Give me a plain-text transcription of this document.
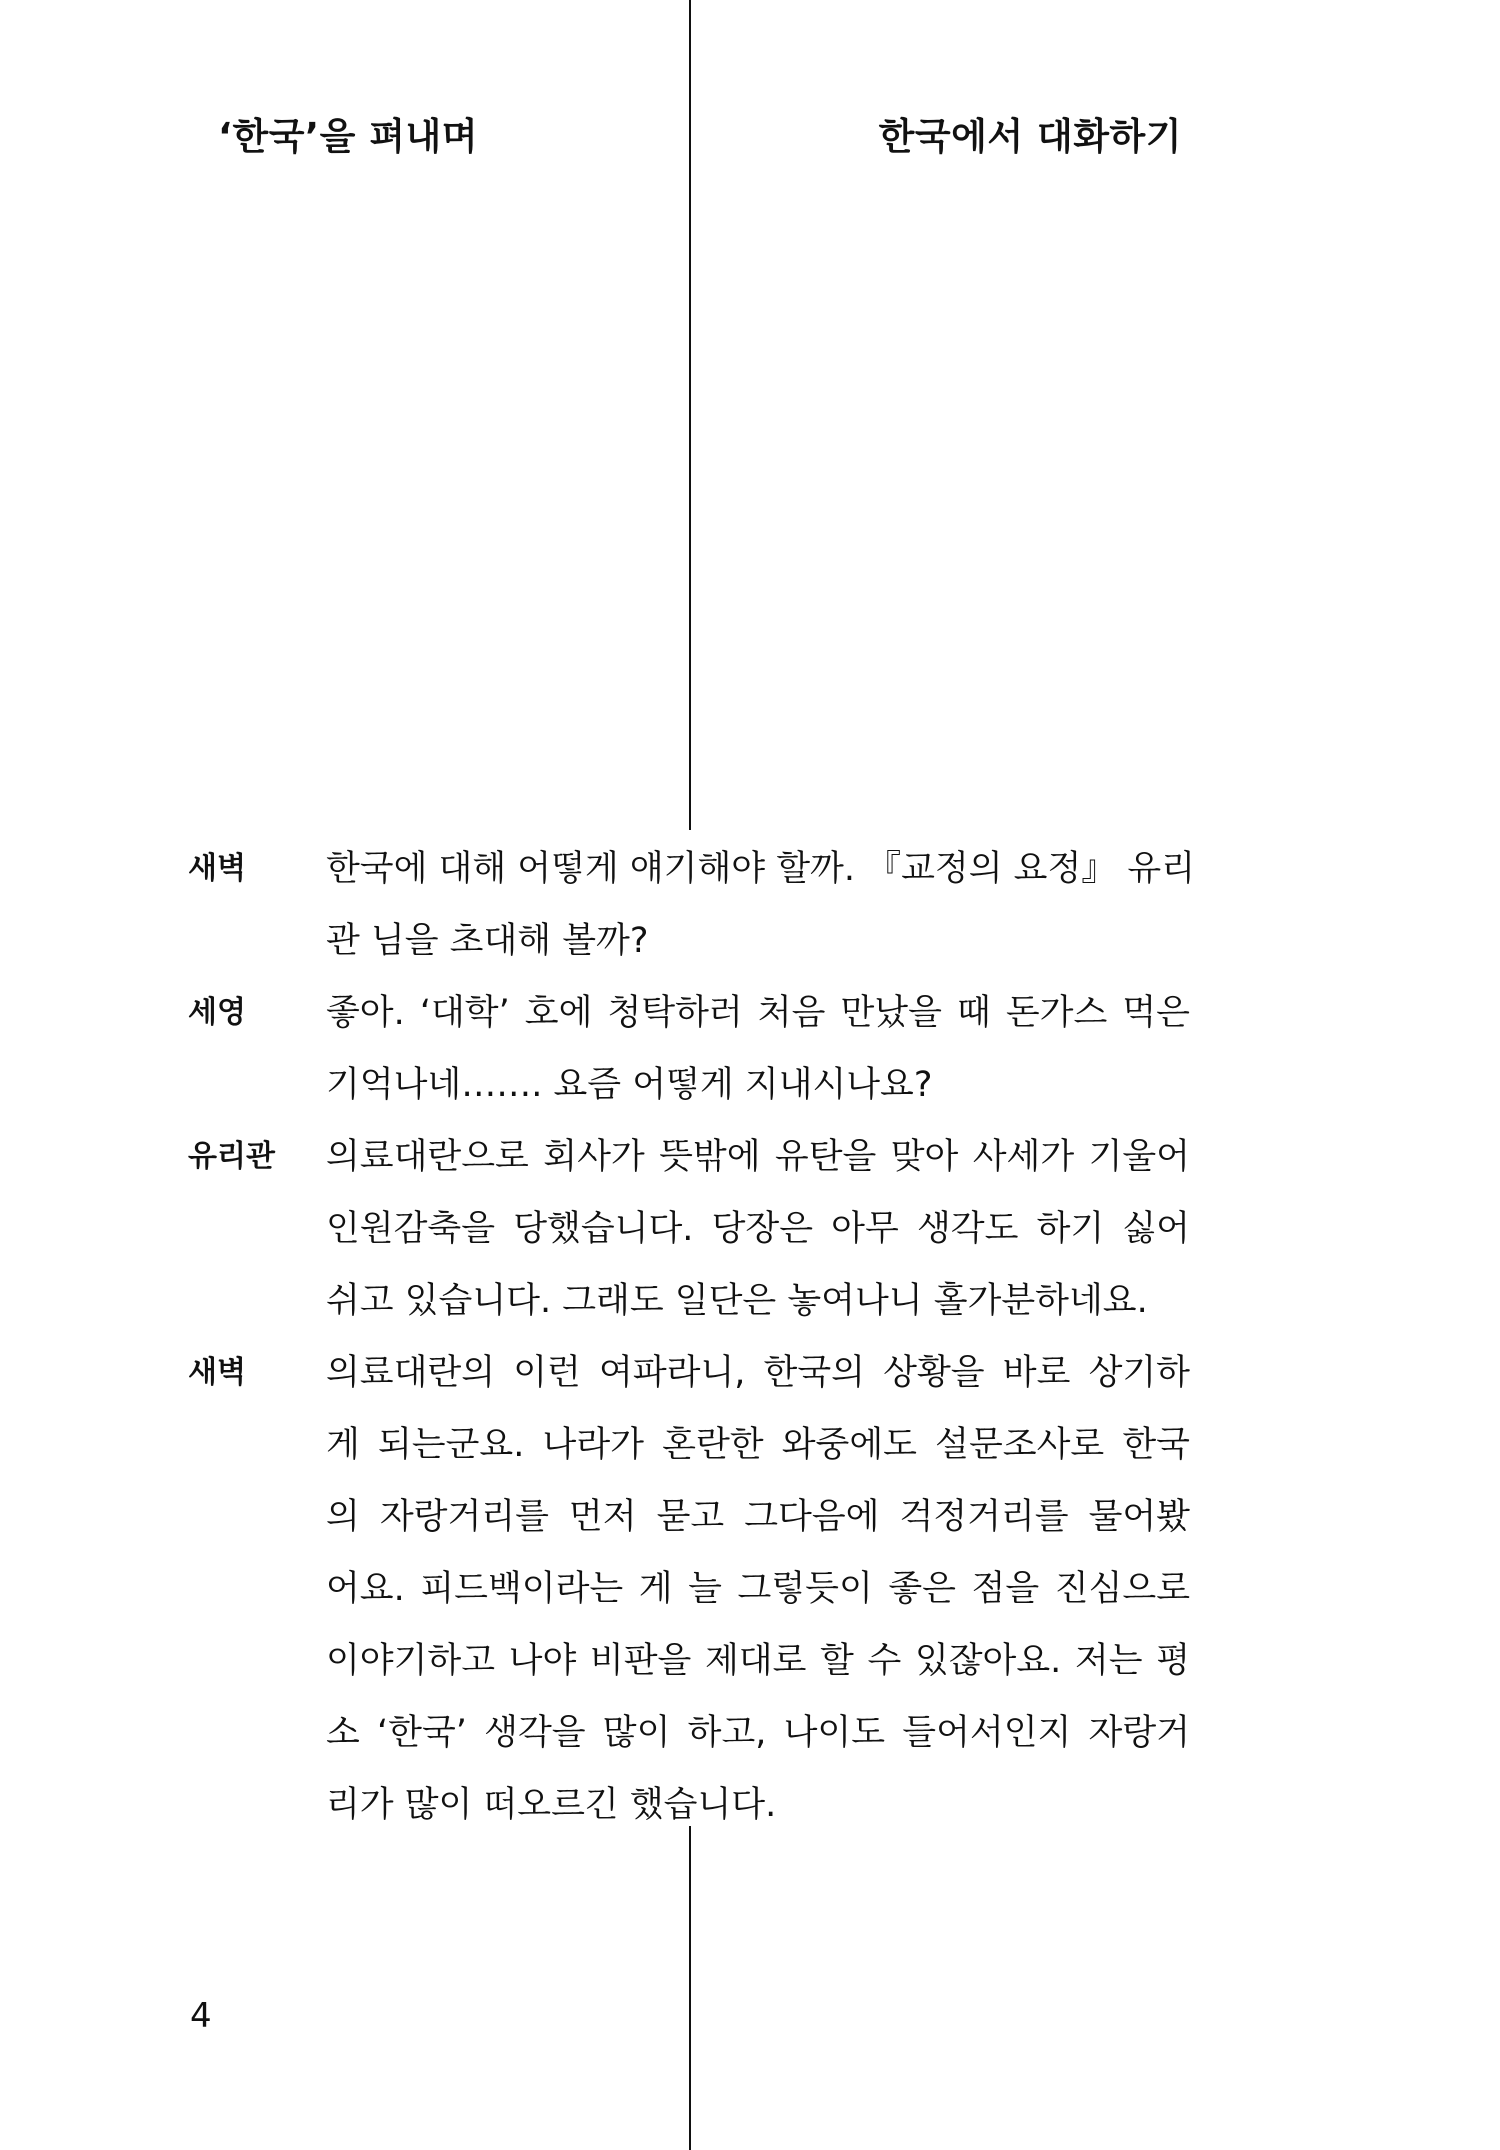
‘한국’을 펴내며	한국에서 대화하기
새벽	한국에 대해 어떻게 얘기해야 할까. 『교정의 요정』 유리
관 님을 초대해 볼까?
세영	좋아. ‘대학’ 호에 청탁하러 처음 만났을 때 돈가스 먹은
기억나네……. 요즘 어떻게 지내시나요?
유리관	의료대란으로 회사가 뜻밖에 유탄을 맞아 사세가 기울어
인원감축을 당했습니다. 당장은 아무 생각도 하기 싫어
쉬고 있습니다. 그래도 일단은 놓여나니 홀가분하네요.
새벽	의료대란의 이런 여파라니, 한국의 상황을 바로 상기하
게 되는군요. 나라가 혼란한 와중에도 설문조사로 한국
의 자랑거리를 먼저 묻고 그다음에 걱정거리를 물어봤
어요. 피드백이라는 게 늘 그렇듯이 좋은 점을 진심으로
이야기하고 나야 비판을 제대로 할 수 있잖아요. 저는 평
소 ‘한국’ 생각을 많이 하고, 나이도 들어서인지 자랑거
리가 많이 떠오르긴 했습니다.
4
